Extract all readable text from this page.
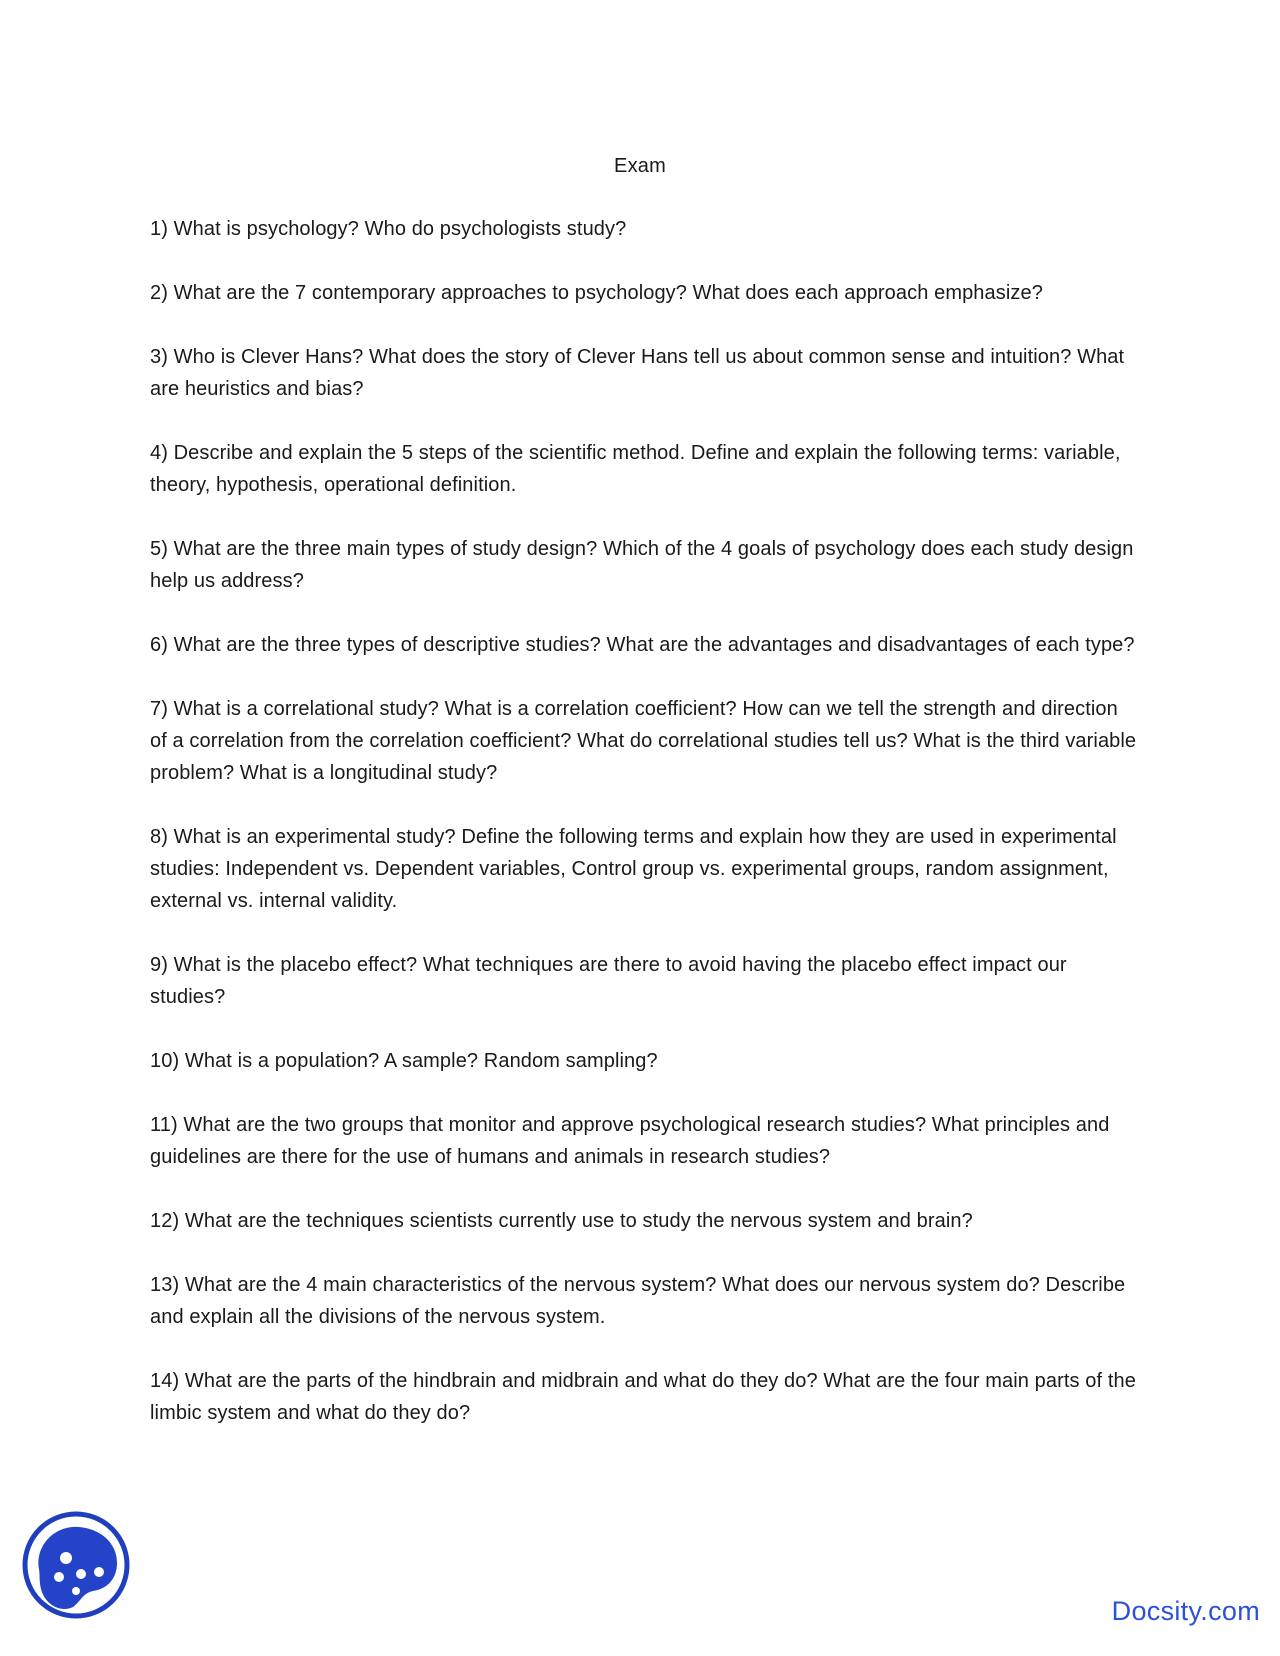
Exam
1) What is psychology? Who do psychologists study?
2) What are the 7 contemporary approaches to psychology? What does each approach emphasize?
3) Who is Clever Hans? What does the story of Clever Hans tell us about common sense and intuition? What are heuristics and bias?
4) Describe and explain the 5 steps of the scientific method. Define and explain the following terms: variable, theory, hypothesis, operational definition.
5) What are the three main types of study design? Which of the 4 goals of psychology does each study design help us address?
6) What are the three types of descriptive studies? What are the advantages and disadvantages of each type?
7) What is a correlational study? What is a correlation coefficient? How can we tell the strength and direction of a correlation from the correlation coefficient? What do correlational studies tell us? What is the third variable problem? What is a longitudinal study?
8) What is an experimental study? Define the following terms and explain how they are used in experimental studies: Independent vs. Dependent variables, Control group vs. experimental groups, random assignment, external vs. internal validity.
9) What is the placebo effect? What techniques are there to avoid having the placebo effect impact our studies?
10) What is a population? A sample? Random sampling?
11) What are the two groups that monitor and approve psychological research studies? What principles and guidelines are there for the use of humans and animals in research studies?
12) What are the techniques scientists currently use to study the nervous system and brain?
13) What are the 4 main characteristics of the nervous system? What does our nervous system do? Describe and explain all the divisions of the nervous system.
14) What are the parts of the hindbrain and midbrain and what do they do? What are the four main parts of the limbic system and what do they do?
Docsity.com
